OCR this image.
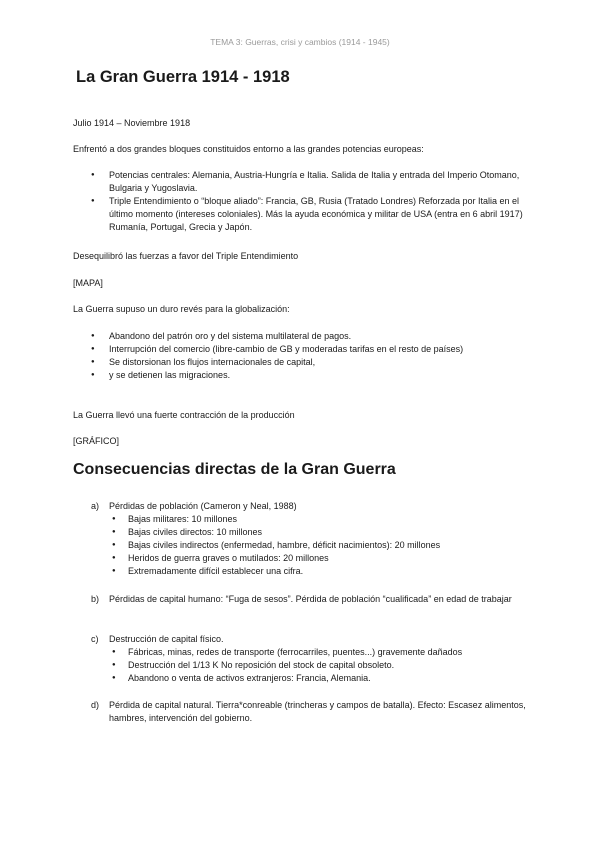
TEMA 3: Guerras, crisi y cambios (1914 - 1945)
La Gran Guerra 1914 - 1918

Julio 1914 – Noviembre 1918

Enfrentó a dos grandes bloques constituidos entorno a las grandes potencias europeas:

● Potencias centrales: Alemania, Austria-Hungría e Italia. Salida de Italia y entrada del Imperio Otomano, Bulgaria y Yugoslavia.
● Triple Entendimiento o “bloque aliado”: Francia, GB, Rusia (Tratado Londres) Reforzada por Italia en el último momento (intereses coloniales). Más la ayuda económica y militar de USA (entra en 6 abril 1917) Rumanía, Portugal, Grecia y Japón.

Desequilibró las fuerzas a favor del Triple Entendimiento

[MAPA]

La Guerra supuso un duro revés para la globalización:

● Abandono del patrón oro y del sistema multilateral de pagos.
● Interrupción del comercio (libre-cambio de GB y moderadas tarifas en el resto de países)
● Se distorsionan los flujos internacionales de capital,
● y se detienen las migraciones.

La Guerra llevó una fuerte contracción de la producción

[GRÁFICO]

Consecuencias directas de la Gran Guerra
a) Pérdidas de población (Cameron y Neal, 1988)
● Bajas militares: 10 millones
● Bajas civiles directos: 10 millones
● Bajas civiles indirectos (enfermedad, hambre, déficit nacimientos): 20 millones
● Heridos de guerra graves o mutilados: 20 millones
● Extremadamente difícil establecer una cifra.
b) Pérdidas de capital humano: “Fuga de sesos”. Pérdida de población “cualificada” en edad de trabajar
c) Destrucción de capital físico.
● Fábricas, minas, redes de transporte (ferrocarriles, puentes...) gravemente dañados
● Destrucción del 1/13 K No reposición del stock de capital obsoleto.
● Abandono o venta de activos extranjeros: Francia, Alemania.
d) Pérdida de capital natural. Tierra*conreable (trincheras y campos de batalla). Efecto: Escasez alimentos, hambres, intervención del gobierno.
